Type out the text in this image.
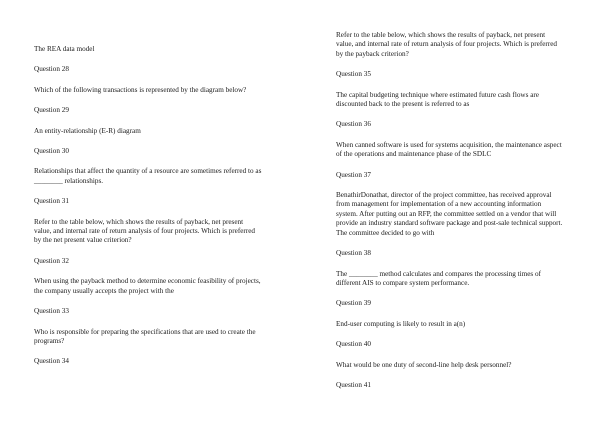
The REA data model
Question 28
Which of the following transactions is represented by the diagram below?
Question 29
An entity-relationship (E-R) diagram
Question 30
Relationships that affect the quantity of a resource are sometimes referred to as ________ relationships.
Question 31
Refer to the table below, which shows the results of payback, net present value, and internal rate of return analysis of four projects. Which is preferred by the net present value criterion?
Question 32
When using the payback method to determine economic feasibility of projects, the company usually accepts the project with the
Question 33
Who is responsible for preparing the specifications that are used to create the programs?
Question 34
Refer to the table below, which shows the results of payback, net present value, and internal rate of return analysis of four projects. Which is preferred by the payback criterion?
Question 35
The capital budgeting technique where estimated future cash flows are discounted back to the present is referred to as
Question 36
When canned software is used for systems acquisition, the maintenance aspect of the operations and maintenance phase of the SDLC
Question 37
BenathirDonathat, director of the project committee, has received approval from management for implementation of a new accounting information system. After putting out an RFP, the committee settled on a vendor that will provide an industry standard software package and post-sale technical support. The committee decided to go with
Question 38
The ________ method calculates and compares the processing times of different AIS to compare system performance.
Question 39
End-user computing is likely to result in a(n)
Question 40
What would be one duty of second-line help desk personnel?
Question 41
